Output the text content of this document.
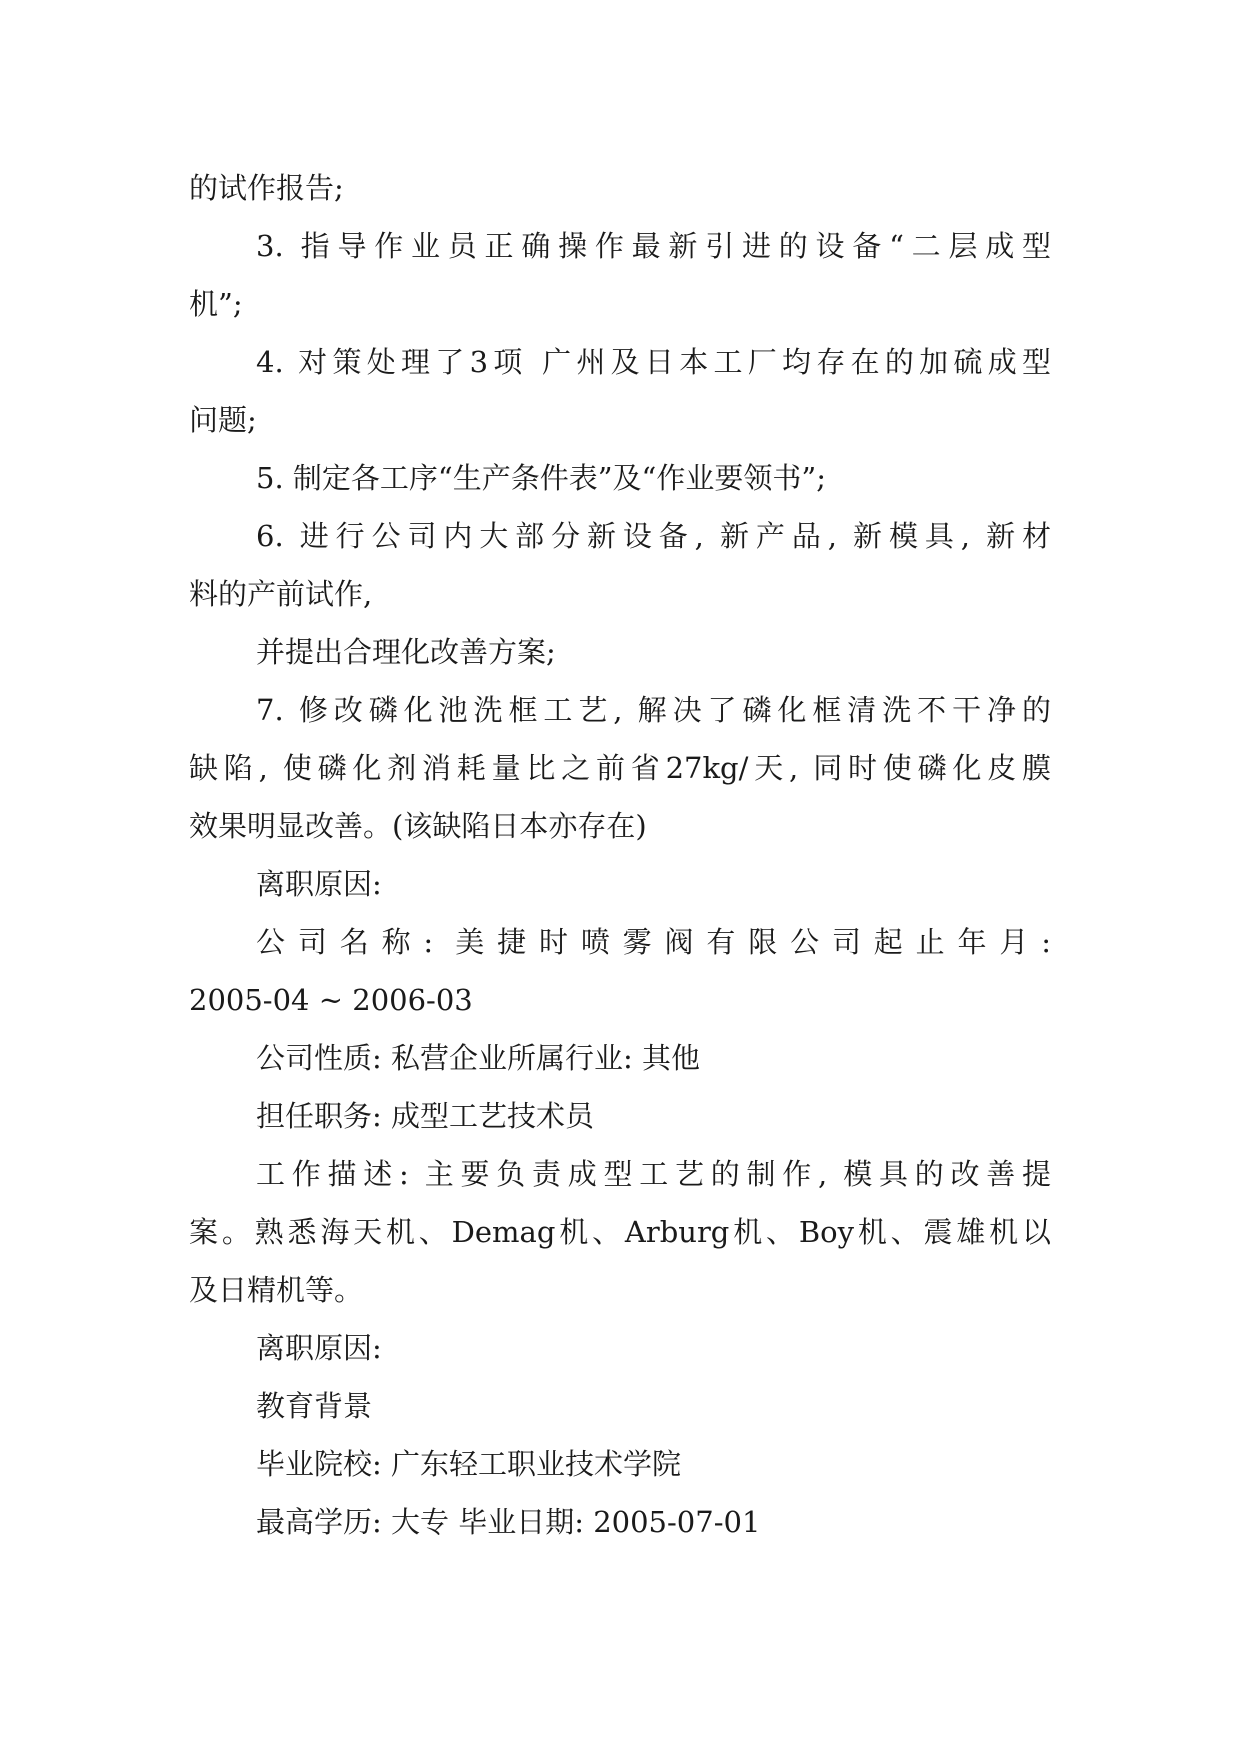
的试作报告;
3. 指导作业员正确操作最新引进的设备“二层成型
机”;
4. 对策处理了3项 广州及日本工厂均存在的加硫成型
问题;
5. 制定各工序“生产条件表”及“作业要领书”;
6. 进行公司内大部分新设备, 新产品, 新模具, 新材
料的产前试作,
并提出合理化改善方案;
7. 修改磷化池洗框工艺, 解决了磷化框清洗不干净的
缺陷, 使磷化剂消耗量比之前省27kg/天, 同时使磷化皮膜
效果明显改善。(该缺陷日本亦存在)
离职原因:
公司名称: 美捷时喷雾阀有限公司起止年月:
2005-04 ~ 2006-03
公司性质: 私营企业所属行业: 其他
担任职务: 成型工艺技术员
工作描述: 主要负责成型工艺的制作, 模具的改善提
案。熟悉海天机、Demag机、Arburg机、Boy机、震雄机以
及日精机等。
离职原因:
教育背景
毕业院校: 广东轻工职业技术学院
最高学历: 大专 毕业日期: 2005-07-01
